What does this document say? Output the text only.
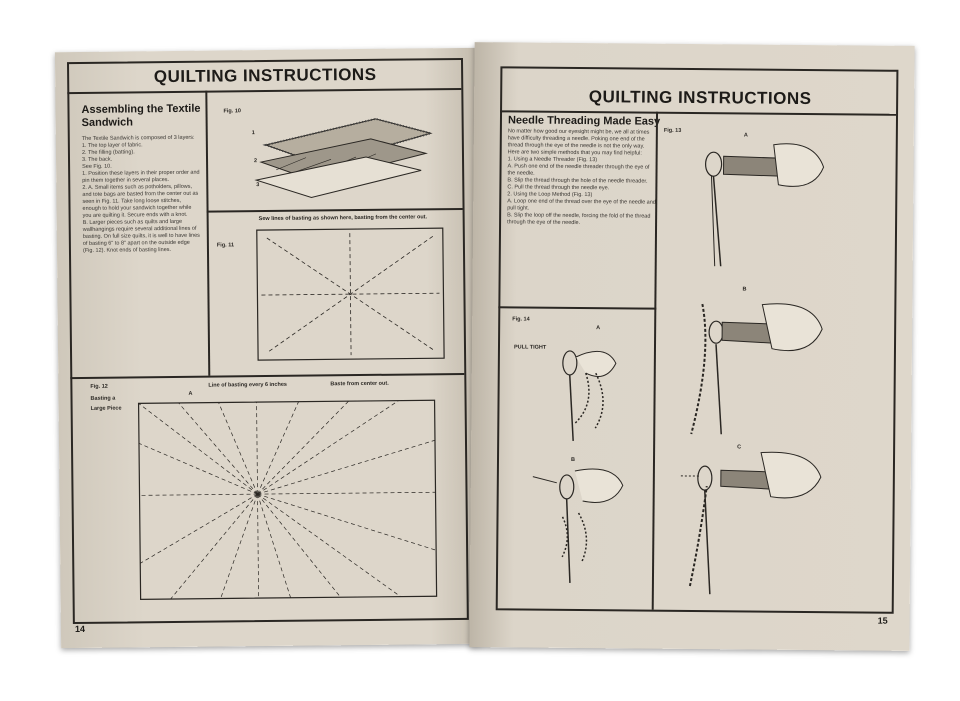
QUILTING INSTRUCTIONS
Assembling the Textile Sandwich
The Textile Sandwich is composed of 3 layers:
1. The top layer of fabric.
2. The filling (batting).
3. The back.
See Fig. 10.
1. Position these layers in their proper order and pin them together in several places.
2. A. Small items such as potholders, pillows, and tote bags are basted from the center out as seen in Fig. 11. Take long loose stitches, enough to hold your sandwich together while you are quilting it. Secure ends with a knot.
B. Larger pieces such as quilts and large wallhangings require several additional lines of basting. On full size quilts, it is well to have lines of basting 6" to 8" apart on the outside edge (Fig. 12). Knot ends of basting lines.
Fig. 10
1
2
3
Sew lines of basting as shown here, basting from the center out.
Fig. 11
Fig. 12
Basting a Large Piece
Line of basting every 6 inches	Baste from center out.
A
14
QUILTING INSTRUCTIONS
Needle Threading Made Easy
No matter how good our eyesight might be, we all at times have difficulty threading a needle. Poking one end of the thread through the eye of the needle is not the only way. Here are two simple methods that you may find helpful:
1. Using a Needle Threader (Fig. 13)
A. Push one end of the needle threader through the eye of the needle.
B. Slip the thread through the hole of the needle threader.
C. Pull the thread through the needle eye.
2. Using the Loop Method (Fig. 13)
A. Loop one end of the thread over the eye of the needle and pull tight.
B. Slip the loop off the needle, forcing the fold of the thread through the eye of the needle.
Fig. 13
A
B
C
Fig. 14
A
PULL TIGHT
B
15
